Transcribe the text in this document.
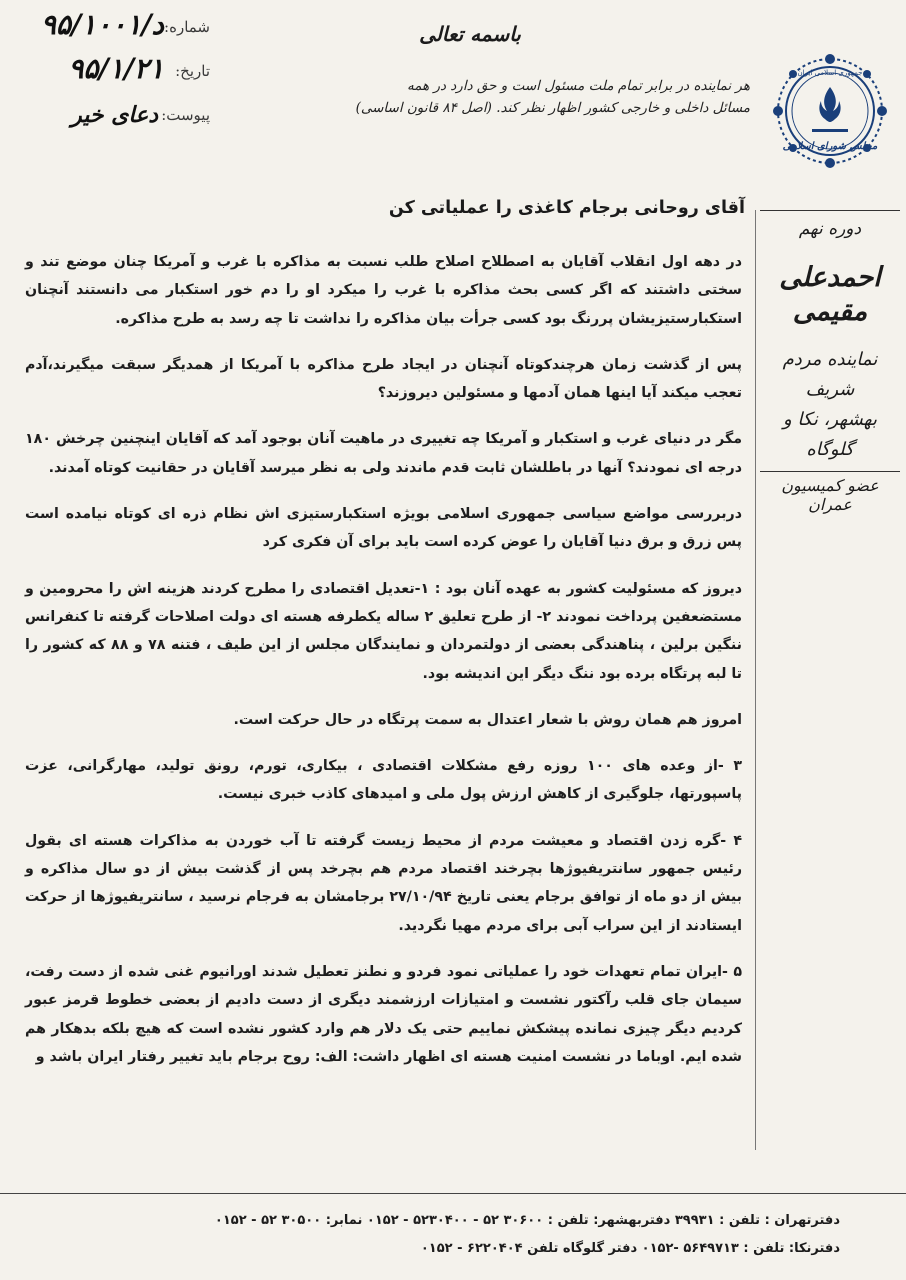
شماره:
۹۵/د/۱۰۰۱
تاریخ:
۹۵/۱/۲۱
پیوست:
دعای خیر
باسمه تعالی
هر نماینده در برابر تمام ملت مسئول است و حق دارد در همه
مسائل داخلی و خارجی کشور اظهار نظر کند. (اصل ۸۴ قانون اساسی)
جمهوری اسلامی ایران
مجلس شورای اسلامی
دوره نهم
احمدعلی مقیمی
نماینده مردم شریف
بهشهر، نکا و گلوگاه
عضو کمیسیون عمران
آقای روحانی برجام کاغذی را عملیاتی کن

در دهه اول انقلاب آقایان به اصطلاح اصلاح طلب نسبت به مذاکره با غرب و آمریکا چنان موضع تند و سختی داشتند که اگر کسی بحث مذاکره با غرب را میکرد او را دم خور استکبار می دانستند آنچنان استکبارستیزیشان پررنگ بود کسی جرأت بیان مذاکره را نداشت تا چه رسد به طرح مذاکره.

پس از گذشت زمان هرچندکوتاه آنچنان در ایجاد طرح مذاکره با آمریکا از همدیگر سبقت میگیرند،آدم تعجب میکند آیا اینها همان آدمها و مسئولین دیروزند؟

مگر در دنیای غرب و استکبار و آمریکا چه تغییری در ماهیت آنان بوجود آمد که آقایان اینچنین چرخش ۱۸۰ درجه ای نمودند؟ آنها در باطلشان ثابت قدم ماندند ولی به نظر میرسد آقایان در حقانیت کوتاه آمدند.

دربررسی مواضع سیاسی جمهوری اسلامی بویژه استکبارستیزی اش نظام ذره ای کوتاه نیامده است پس زرق و برق دنیا آقایان را عوض کرده است باید برای آن فکری کرد

دیروز که مسئولیت کشور به عهده آنان بود : ۱-تعدیل اقتصادی را مطرح کردند هزینه اش را محرومین و مستضعفین پرداخت نمودند ۲- از طرح تعلیق ۲ ساله یکطرفه هسته ای دولت اصلاحات گرفته تا کنفرانس ننگین برلین ، پناهندگی بعضی از دولتمردان و نمایندگان مجلس از این طیف ، فتنه ۷۸ و ۸۸ که کشور را تا لبه پرتگاه برده بود ننگ دیگر این اندیشه بود.

امروز هم همان روش با شعار اعتدال به سمت پرتگاه در حال حرکت است.

۳ -از وعده های ۱۰۰ روزه رفع مشکلات اقتصادی ، بیکاری، تورم، رونق تولید، مهارگرانی، عزت پاسپورتها، جلوگیری از کاهش ارزش پول ملی و امیدهای کاذب خبری نیست.

۴ -گره زدن اقتصاد و معیشت مردم از محیط زیست گرفته تا آب خوردن به مذاکرات هسته ای بقول رئیس جمهور سانتریفیوژها بچرخند اقتصاد مردم هم بچرخد پس از گذشت بیش از دو سال مذاکره و بیش از دو ماه از توافق برجام یعنی تاریخ ۲۷/۱۰/۹۴ برجامشان به فرجام نرسید ، سانتریفیوژها از حرکت ایستادند از این سراب آبی برای مردم مهیا نگردید.

۵ -ایران تمام تعهدات خود را عملیاتی نمود فردو و نطنز تعطیل شدند اورانیوم غنی شده از دست رفت، سیمان جای قلب رآکتور نشست و امتیازات ارزشمند دیگری از دست دادیم از بعضی خطوط قرمز عبور کردیم دیگر چیزی نمانده پیشکش نماییم حتی یک دلار هم وارد کشور نشده است که هیچ بلکه بدهکار هم شده ایم. اوباما در نشست امنیت هسته ای اظهار داشت: الف: روح برجام باید تغییر رفتار ایران باشد و

دفترتهران : تلفن : ۳۹۹۳۱ دفتربهشهر: تلفن : ۳۰۶۰۰ ۵۲ - ۵۲۳۰۴۰۰ - ۰۱۵۲ نمابر: ۳۰۵۰۰ ۵۲ - ۰۱۵۲
دفترنکا: تلفن : ۵۶۴۹۷۱۳ -۰۱۵۲ دفتر گلوگاه تلفن ۶۲۲۰۴۰۴ - ۰۱۵۲
